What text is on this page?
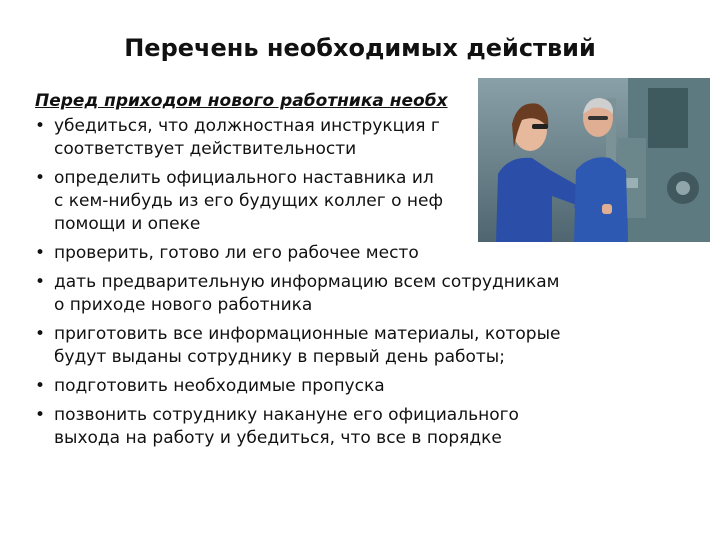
Перечень необходимых действий
Перед приходом нового работника необх
• убедиться, что должностная инструкция г
соответствует действительности
• определить официального наставника ил
с кем-нибудь из его будущих коллег о неф
помощи и опеке
• проверить, готово ли его рабочее место
• дать предварительную информацию всем сотрудникам
о приходе нового работника
• приготовить все информационные материалы, которые
будут выданы сотруднику в первый день работы;
• подготовить необходимые пропуска
• позвонить сотруднику накануне его официального
выхода на работу и убедиться, что все в порядке
